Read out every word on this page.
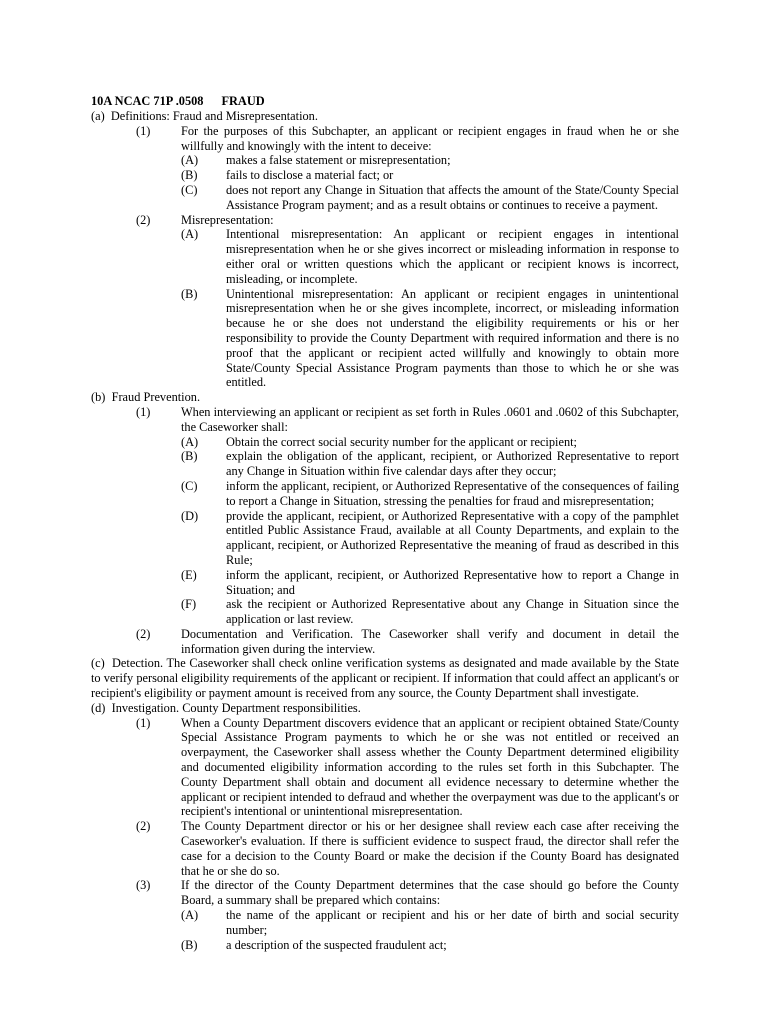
10A NCAC 71P .0508 FRAUD
(a) Definitions: Fraud and Misrepresentation.
(1)	For the purposes of this Subchapter, an applicant or recipient engages in fraud when he or she willfully and knowingly with the intent to deceive:
(A)	makes a false statement or misrepresentation;
(B)	fails to disclose a material fact; or
(C)	does not report any Change in Situation that affects the amount of the State/County Special Assistance Program payment; and as a result obtains or continues to receive a payment.
(2)	Misrepresentation:
(A)	Intentional misrepresentation: An applicant or recipient engages in intentional misrepresentation when he or she gives incorrect or misleading information in response to either oral or written questions which the applicant or recipient knows is incorrect, misleading, or incomplete.
(B)	Unintentional misrepresentation: An applicant or recipient engages in unintentional misrepresentation when he or she gives incomplete, incorrect, or misleading information because he or she does not understand the eligibility requirements or his or her responsibility to provide the County Department with required information and there is no proof that the applicant or recipient acted willfully and knowingly to obtain more State/County Special Assistance Program payments than those to which he or she was entitled.
(b) Fraud Prevention.
(1)	When interviewing an applicant or recipient as set forth in Rules .0601 and .0602 of this Subchapter, the Caseworker shall:
(A)	Obtain the correct social security number for the applicant or recipient;
(B)	explain the obligation of the applicant, recipient, or Authorized Representative to report any Change in Situation within five calendar days after they occur;
(C)	inform the applicant, recipient, or Authorized Representative of the consequences of failing to report a Change in Situation, stressing the penalties for fraud and misrepresentation;
(D)	provide the applicant, recipient, or Authorized Representative with a copy of the pamphlet entitled Public Assistance Fraud, available at all County Departments, and explain to the applicant, recipient, or Authorized Representative the meaning of fraud as described in this Rule;
(E)	inform the applicant, recipient, or Authorized Representative how to report a Change in Situation; and
(F)	ask the recipient or Authorized Representative about any Change in Situation since the application or last review.
(2)	Documentation and Verification. The Caseworker shall verify and document in detail the information given during the interview.
(c) Detection. The Caseworker shall check online verification systems as designated and made available by the State to verify personal eligibility requirements of the applicant or recipient. If information that could affect an applicant's or recipient's eligibility or payment amount is received from any source, the County Department shall investigate.
(d) Investigation. County Department responsibilities.
(1)	When a County Department discovers evidence that an applicant or recipient obtained State/County Special Assistance Program payments to which he or she was not entitled or received an overpayment, the Caseworker shall assess whether the County Department determined eligibility and documented eligibility information according to the rules set forth in this Subchapter. The County Department shall obtain and document all evidence necessary to determine whether the applicant or recipient intended to defraud and whether the overpayment was due to the applicant's or recipient's intentional or unintentional misrepresentation.
(2)	The County Department director or his or her designee shall review each case after receiving the Caseworker's evaluation. If there is sufficient evidence to suspect fraud, the director shall refer the case for a decision to the County Board or make the decision if the County Board has designated that he or she do so.
(3)	If the director of the County Department determines that the case should go before the County Board, a summary shall be prepared which contains:
(A)	the name of the applicant or recipient and his or her date of birth and social security number;
(B)	a description of the suspected fraudulent act;
